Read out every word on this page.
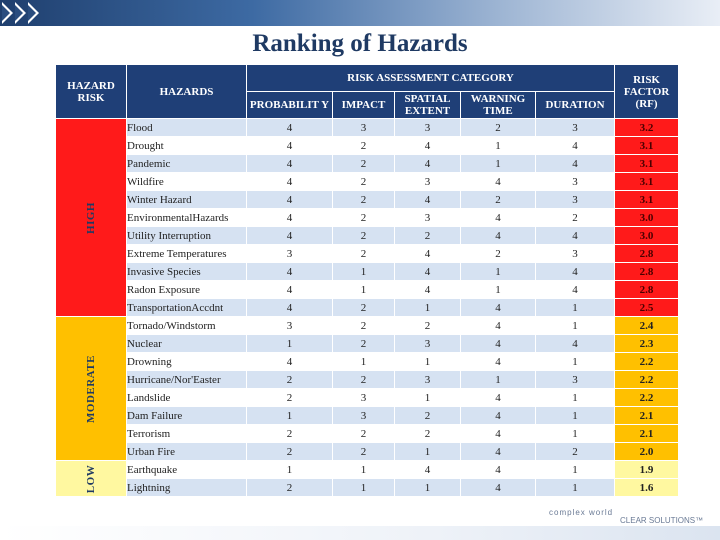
Ranking of Hazards
HAZARD RISK	HAZARDS	RISK ASSESSMENT CATEGORY					RISK FACTOR (RF)
		PROBABILIT Y	IMPACT	SPATIAL EXTENT	WARNING TIME	DURATION	

HIGH	Flood	4	3	3	2	3	3.2
	Drought	4	2	4	1	4	3.1
	Pandemic	4	2	4	1	4	3.1
	Wildfire	4	2	3	4	3	3.1
	Winter Hazard	4	2	4	2	3	3.1
	EnvironmentalHazards	4	2	3	4	2	3.0
	Utility Interruption	4	2	2	4	4	3.0
	Extreme Temperatures	3	2	4	2	3	2.8
	Invasive Species	4	1	4	1	4	2.8
	Radon Exposure	4	1	4	1	4	2.8
	TransportationAccdnt	4	2	1	4	1	2.5

MODERATE	Tornado/Windstorm	3	2	2	4	1	2.4
	Nuclear	1	2	3	4	4	2.3
	Drowning	4	1	1	4	1	2.2
	Hurricane/Nor'Easter	2	2	3	1	3	2.2
	Landslide	2	3	1	4	1	2.2
	Dam Failure	1	3	2	4	1	2.1
	Terrorism	2	2	2	4	1	2.1
	Urban Fire	2	2	1	4	2	2.0

LOW	Earthquake	1	1	4	4	1	1.9
	Lightning	2	1	1	4	1	1.6
complex world
CLEAR SOLUTIONS™
